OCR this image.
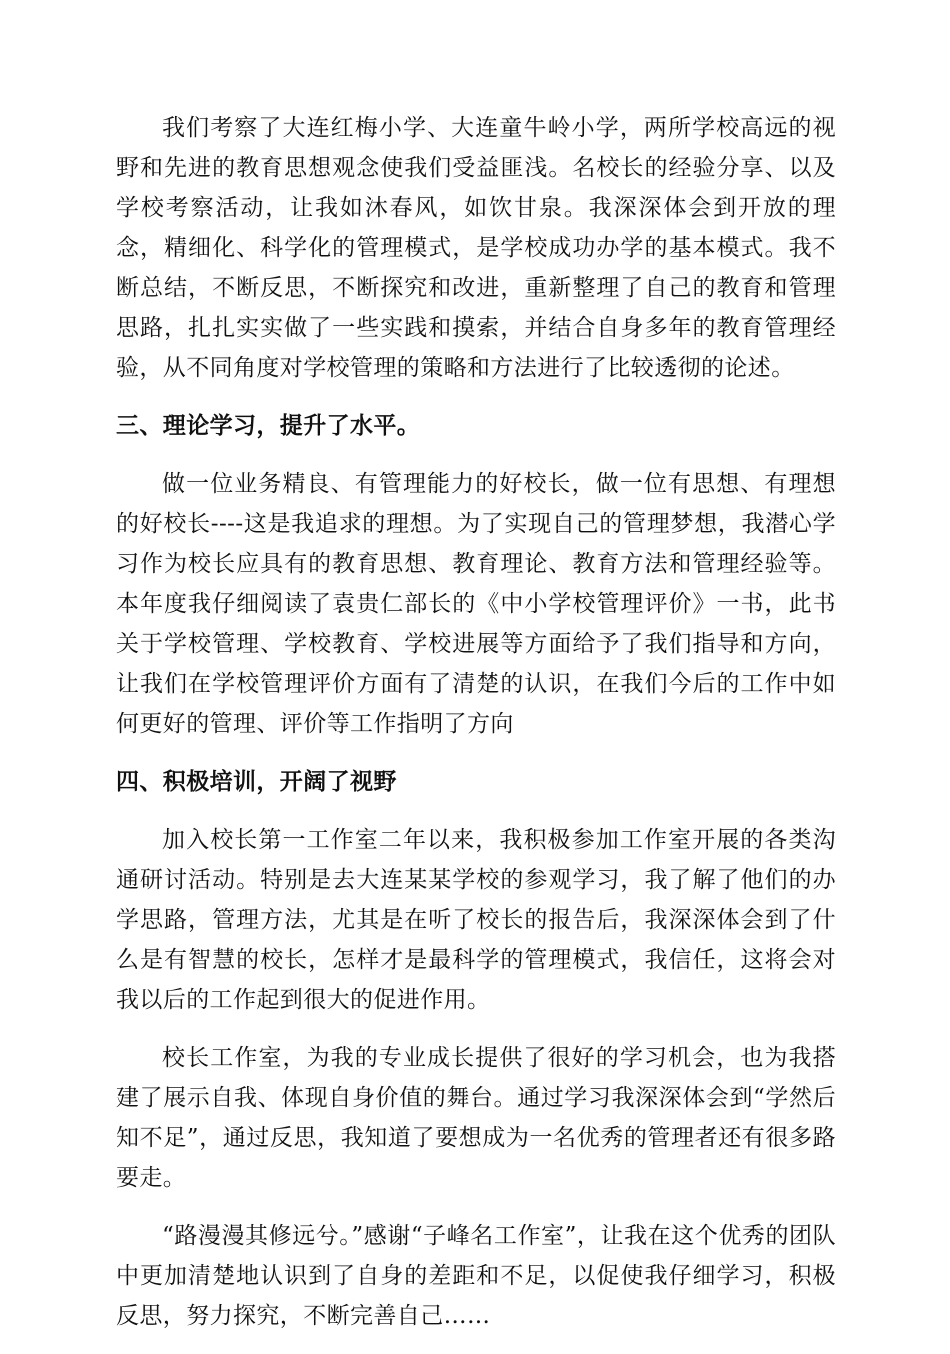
我们考察了大连红梅小学、大连童牛岭小学，两所学校高远的视野和先进的教育思想观念使我们受益匪浅。名校长的经验分享、以及学校考察活动，让我如沐春风，如饮甘泉。我深深体会到开放的理念，精细化、科学化的管理模式，是学校成功办学的基本模式。我不断总结，不断反思，不断探究和改进，重新整理了自己的教育和管理思路，扎扎实实做了一些实践和摸索，并结合自身多年的教育管理经验，从不同角度对学校管理的策略和方法进行了比较透彻的论述。

三、理论学习，提升了水平。

做一位业务精良、有管理能力的好校长，做一位有思想、有理想的好校长----这是我追求的理想。为了实现自己的管理梦想，我潜心学习作为校长应具有的教育思想、教育理论、教育方法和管理经验等。本年度我仔细阅读了袁贵仁部长的《中小学校管理评价》一书，此书关于学校管理、学校教育、学校进展等方面给予了我们指导和方向，让我们在学校管理评价方面有了清楚的认识，在我们今后的工作中如何更好的管理、评价等工作指明了方向

四、积极培训，开阔了视野

加入校长第一工作室二年以来，我积极参加工作室开展的各类沟通研讨活动。特别是去大连某某学校的参观学习，我了解了他们的办学思路，管理方法，尤其是在听了校长的报告后，我深深体会到了什么是有智慧的校长，怎样才是最科学的管理模式，我信任，这将会对我以后的工作起到很大的促进作用。

校长工作室，为我的专业成长提供了很好的学习机会，也为我搭建了展示自我、体现自身价值的舞台。通过学习我深深体会到“学然后知不足”，通过反思，我知道了要想成为一名优秀的管理者还有很多路要走。

“路漫漫其修远兮。”感谢“子峰名工作室”，让我在这个优秀的团队中更加清楚地认识到了自身的差距和不足，以促使我仔细学习，积极反思，努力探究，不断完善自己……
